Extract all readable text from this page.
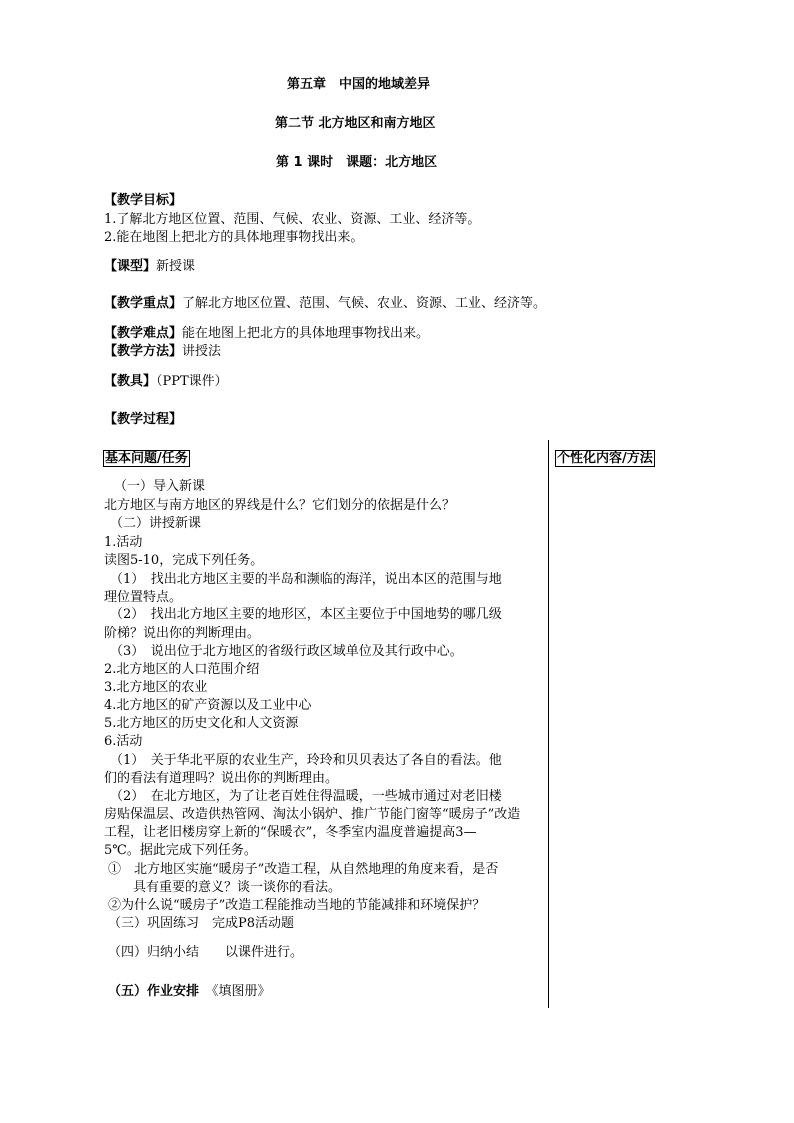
第五章　中国的地域差异
第二节 北方地区和南方地区
第 1 课时　课题：北方地区
【教学目标】
1.了解北方地区位置、范围、气候、农业、资源、工业、经济等。
2.能在地图上把北方的具体地理事物找出来。
【课型】新授课
【教学重点】了解北方地区位置、范围、气候、农业、资源、工业、经济等。
【教学难点】能在地图上把北方的具体地理事物找出来。
【教学方法】讲授法
【教具】（PPT课件）
【教学过程】
基本问题/任务	个性化内容/方法
（一）导入新课
北方地区与南方地区的界线是什么？它们划分的依据是什么？
（二）讲授新课
1.活动
读图5-10，完成下列任务。
（1）　找出北方地区主要的半岛和濒临的海洋，说出本区的范围与地
理位置特点。
（2）　找出北方地区主要的地形区，本区主要位于中国地势的哪几级
阶梯？说出你的判断理由。
（3）　说出位于北方地区的省级行政区域单位及其行政中心。
2.北方地区的人口范围介绍
3.北方地区的农业
4.北方地区的矿产资源以及工业中心
5.北方地区的历史文化和人文资源
6.活动
（1）　关于华北平原的农业生产，玲玲和贝贝表达了各自的看法。他
们的看法有道理吗？说出你的判断理由。
（2）　在北方地区，为了让老百姓住得温暖，一些城市通过对老旧楼
房贴保温层、改造供热管网、淘汰小锅炉、推广节能门窗等“暖房子”改造
工程，让老旧楼房穿上新的“保暖衣”，冬季室内温度普遍提高3—
5℃。据此完成下列任务。
①　北方地区实施“暖房子”改造工程，从自然地理的角度来看，是否
具有重要的意义？谈一谈你的看法。
②为什么说“暖房子”改造工程能推动当地的节能减排和环境保护？
（三）巩固练习　完成P8活动题
（四）归纳小结　　以课件进行。
（五）作业安排　 《填图册》
